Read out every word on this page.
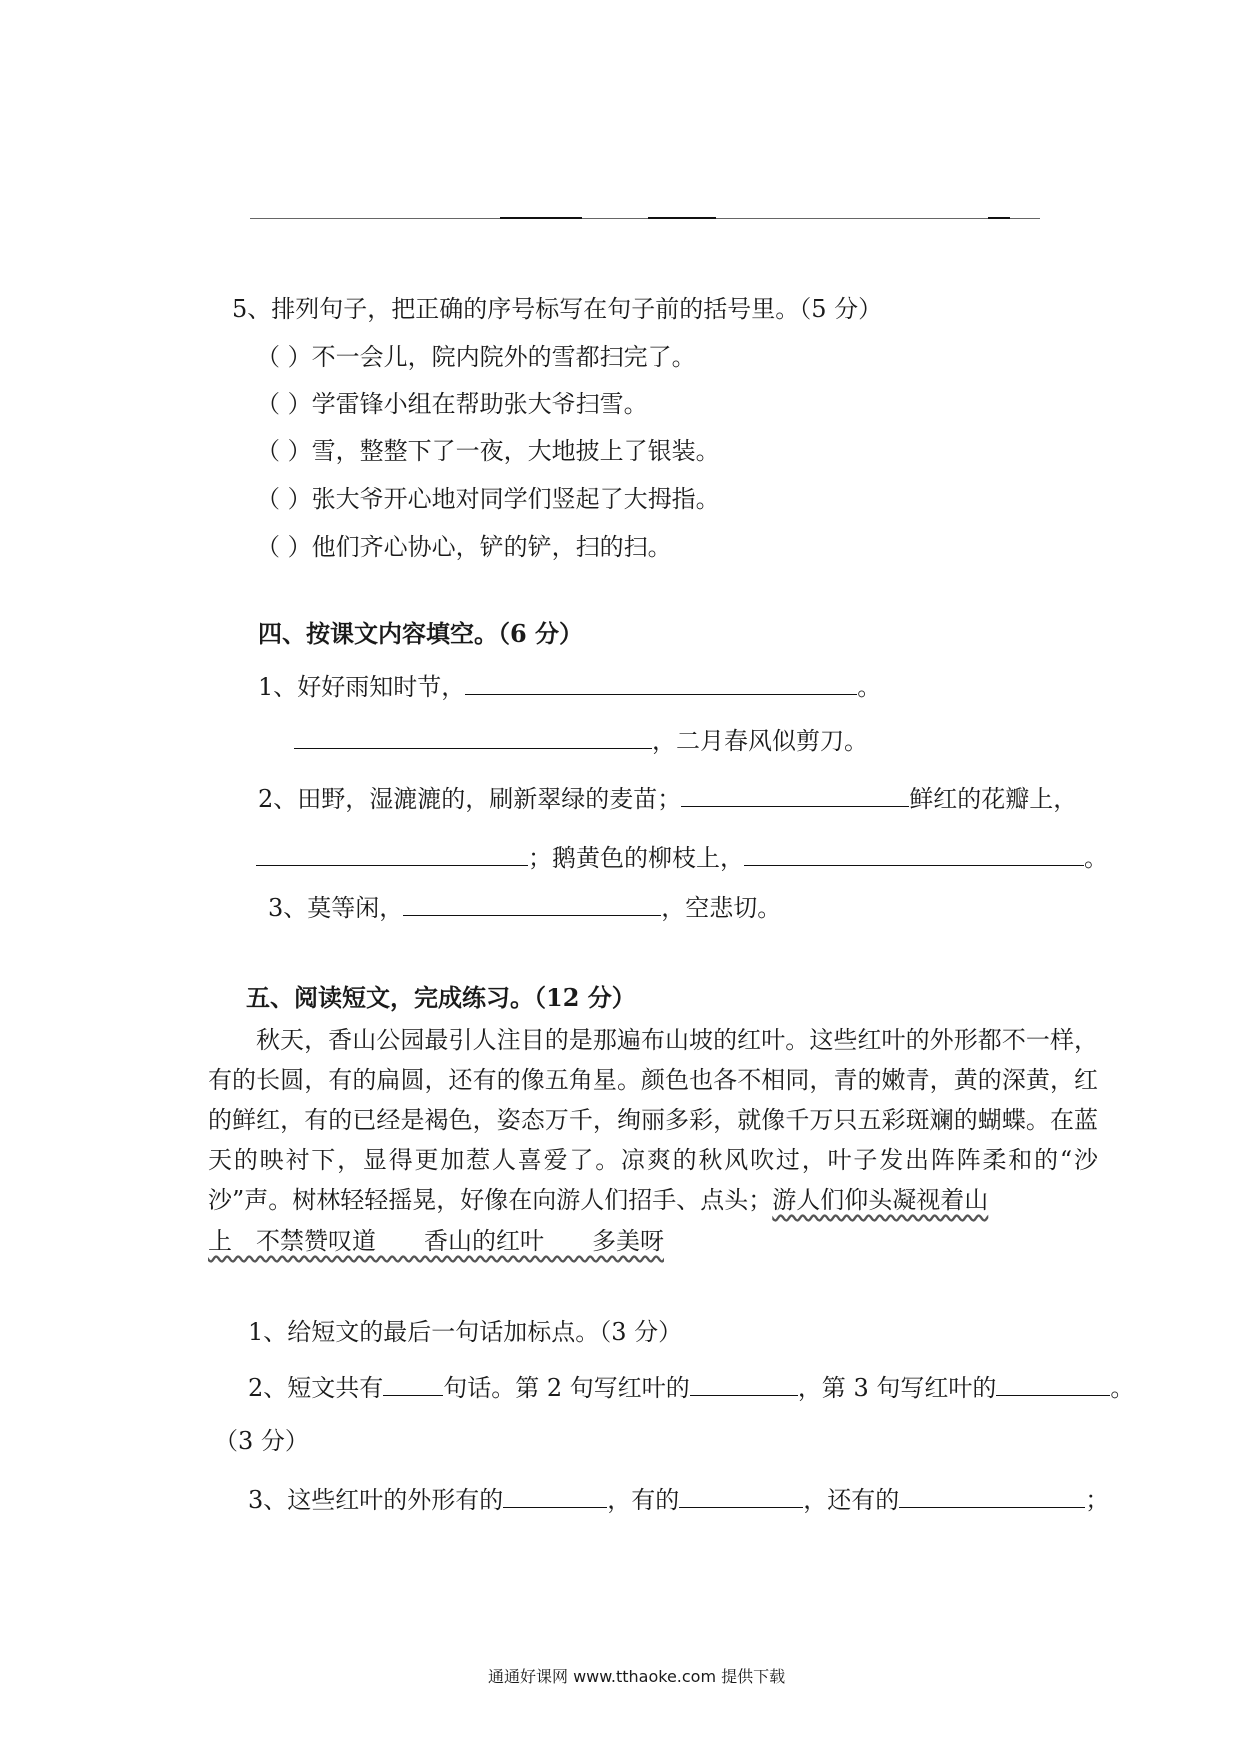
5、排列句子，把正确的序号标写在句子前的括号里。（5 分）
（ ）不一会儿，院内院外的雪都扫完了。
（ ）学雷锋小组在帮助张大爷扫雪。
（ ）雪，整整下了一夜，大地披上了银装。
（ ）张大爷开心地对同学们竖起了大拇指。
（ ）他们齐心协心，铲的铲，扫的扫。
四、按课文内容填空。（6 分）
1、好好雨知时节，	。
，二月春风似剪刀。
2、田野，湿漉漉的，刷新翠绿的麦苗；	鲜红的花瓣上，
；鹅黄色的柳枝上，	。
3、莫等闲，	，空悲切。
五、阅读短文，完成练习。（12 分）
秋天，香山公园最引人注目的是那遍布山坡的红叶。这些红叶的外形都不一样，有的长圆，有的扁圆，还有的像五角星。颜色也各不相同，青的嫩青，黄的深黄，红的鲜红，有的已经是褐色，姿态万千，绚丽多彩，就像千万只五彩斑斓的蝴蝶。在蓝天的映衬下，显得更加惹人喜爱了。凉爽的秋风吹过，叶子发出阵阵柔和的“沙沙”声。树林轻轻摇晃，好像在向游人们招手、点头；游人们仰头凝视着山
上　不禁赞叹道　　香山的红叶　　多美呀
1、给短文的最后一句话加标点。（3 分）
2、短文共有	句话。第 2 句写红叶的	，第 3 句写红叶的	。
（3 分）
3、这些红叶的外形有的	，有的	，还有的	；
通通好课网 www.tthaoke.com 提供下载
